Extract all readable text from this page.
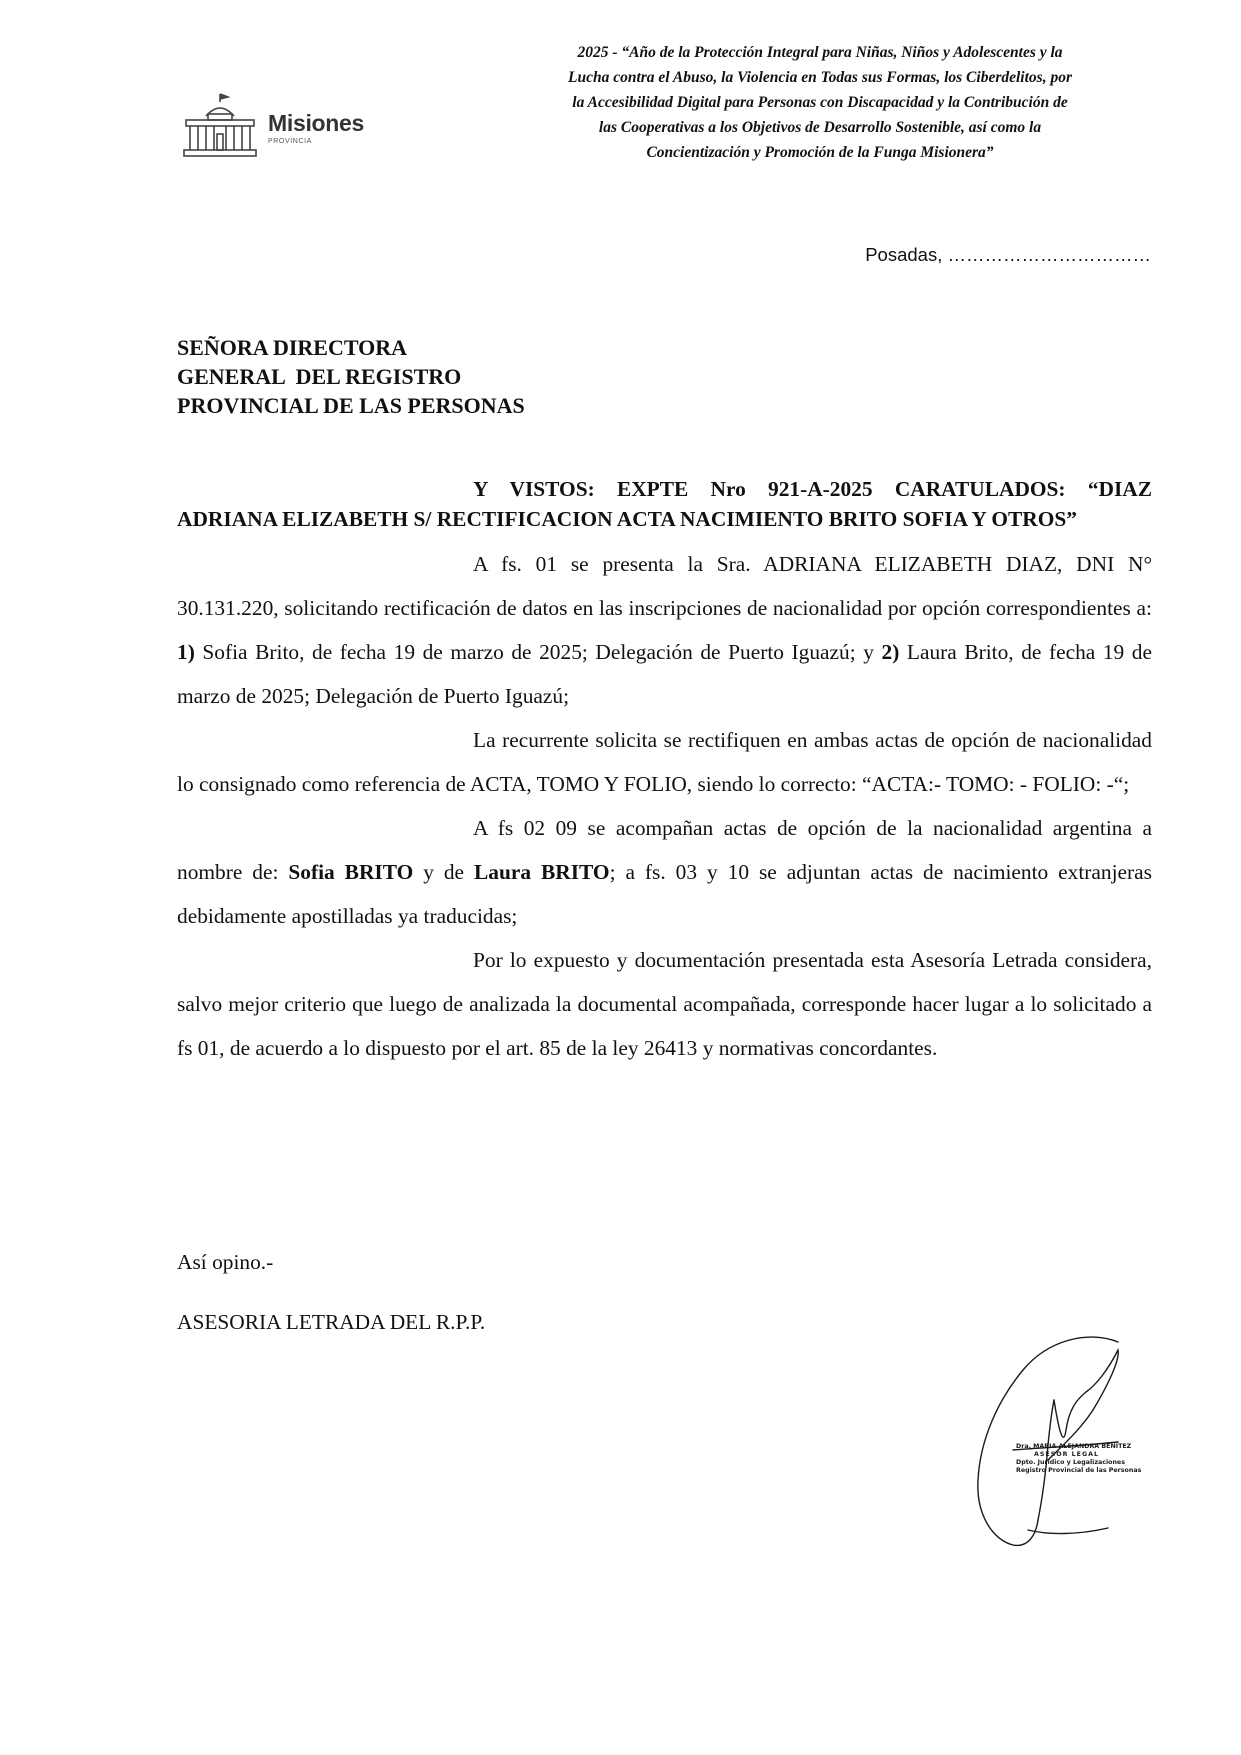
Misiones
PROVINCIA
2025 - “Año de la Protección Integral para Niñas, Niños y Adolescentes y la
Lucha contra el Abuso, la Violencia en Todas sus Formas, los Ciberdelitos, por
la Accesibilidad Digital para Personas con Discapacidad y la Contribución de
las Cooperativas a los Objetivos de Desarrollo Sostenible, así como la
Concientización y Promoción de la Funga Misionera”
Posadas, ……………………………
SEÑORA DIRECTORA
GENERAL  DEL REGISTRO
PROVINCIAL DE LAS PERSONAS
Y VISTOS: EXPTE Nro 921-A-2025 CARATULADOS: “DIAZ ADRIANA ELIZABETH S/ RECTIFICACION ACTA NACIMIENTO BRITO SOFIA Y OTROS”
A fs. 01 se presenta la Sra. ADRIANA ELIZABETH DIAZ, DNI N° 30.131.220, solicitando rectificación de datos en las inscripciones de nacionalidad por opción correspondientes a: 1) Sofia Brito, de fecha 19 de marzo de 2025; Delegación de Puerto Iguazú; y 2) Laura Brito, de fecha 19 de marzo de 2025; Delegación de Puerto Iguazú;
La recurrente solicita se rectifiquen en ambas actas de opción de nacionalidad lo consignado como referencia de ACTA, TOMO Y FOLIO, siendo lo correcto: “ACTA:- TOMO: - FOLIO: -“;
A fs 02 09 se acompañan actas de opción de la nacionalidad argentina a nombre de: Sofia BRITO y de Laura BRITO; a fs. 03 y 10 se adjuntan actas de nacimiento extranjeras debidamente apostilladas ya traducidas;
Por lo expuesto y documentación presentada esta Asesoría Letrada considera, salvo mejor criterio que luego de analizada la documental acompañada, corresponde hacer lugar a lo solicitado a fs 01, de acuerdo a lo dispuesto por el art. 85 de la ley 26413 y normativas concordantes.
Así opino.-
ASESORIA LETRADA DEL R.P.P.
Dra. MARIA ALEJANDRA BENITEZ
ASESOR LEGAL
Dpto. Jurídico y Legalizaciones
Registro Provincial de las Personas
